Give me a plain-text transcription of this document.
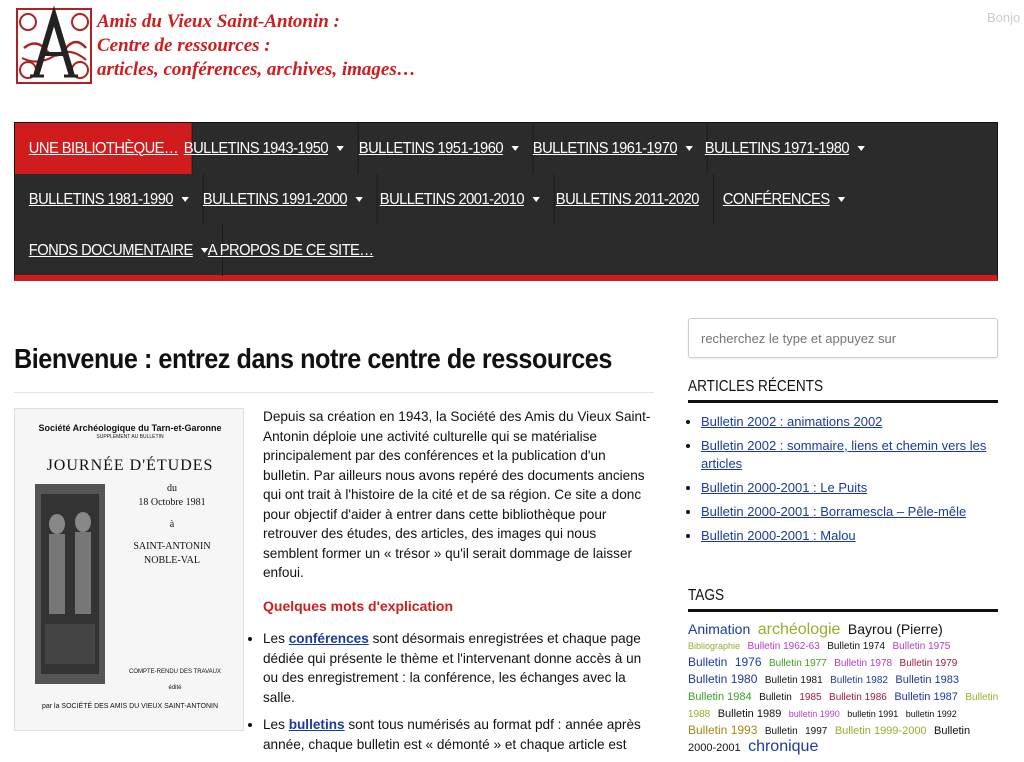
Amis du Vieux Saint-Antonin :
Centre de ressources :
articles, conférences, archives, images…
Bonjo
UNE BIBLIOTHÈQUE… BULLETINS 1943-1950 BULLETINS 1951-1960 BULLETINS 1961-1970 BULLETINS 1971-1980
BULLETINS 1981-1990 BULLETINS 1991-2000 BULLETINS 2001-2010 BULLETINS 2011-2020 CONFÉRENCES
FONDS DOCUMENTAIRE A PROPOS DE CE SITE…
Bienvenue : entrez dans notre centre de ressources
Société Archéologique du Tarn-et-Garonne
SUPPLEMENT AU BULLETIN
JOURNÉE D'ÉTUDES
du
18 Octobre 1981
à
SAINT-ANTONIN
NOBLE-VAL
COMPTE-RENDU DES TRAVAUX
édité
par la SOCIÉTÉ DES AMIS DU VIEUX SAINT-ANTONIN

Depuis sa création en 1943, la Société des Amis du Vieux Saint-Antonin déploie une activité culturelle qui se matérialise principalement par des conférences et la publication d'un bulletin. Par ailleurs nous avons repéré des documents anciens qui ont trait à l'histoire de la cité et de sa région. Ce site a donc pour objectif d'aider à entrer dans cette bibliothèque pour retrouver des études, des articles, des images qui nous semblent former un « trésor » qu'il serait dommage de laisser enfoui.

Quelques mots d'explication
• Les conférences sont désormais enregistrées et chaque page dédiée qui présente le thème et l'intervenant donne accès à un ou des enregistrement : la conférence, les échanges avec la salle.
• Les bulletins sont tous numérisés au format pdf : année après année, chaque bulletin est « démonté » et chaque article est
recherchez le type et appuyez sur
ARTICLES RÉCENTS
• Bulletin 2002 : animations 2002
• Bulletin 2002 : sommaire, liens et chemin vers les articles
• Bulletin 2000-2001 : Le Puits
• Bulletin 2000-2001 : Borramescla – Pêle-mêle
• Bulletin 2000-2001 : Malou
TAGS
Animation archéologie Bayrou (Pierre) Bibliographie Bulletin 1962-63 Bulletin 1974 Bulletin 1975 Bulletin 1976 Bulletin 1977 Bulletin 1978 Bulletin 1979 Bulletin 1980 Bulletin 1981 Bulletin 1982 Bulletin 1983 Bulletin 1984 Bulletin 1985 Bulletin 1986 Bulletin 1987 Bulletin 1988 Bulletin 1989 bulletin 1990 bulletin 1991 bulletin 1992 Bulletin 1993 Bulletin 1997 Bulletin 1999-2000 Bulletin 2000-2001 chronique
